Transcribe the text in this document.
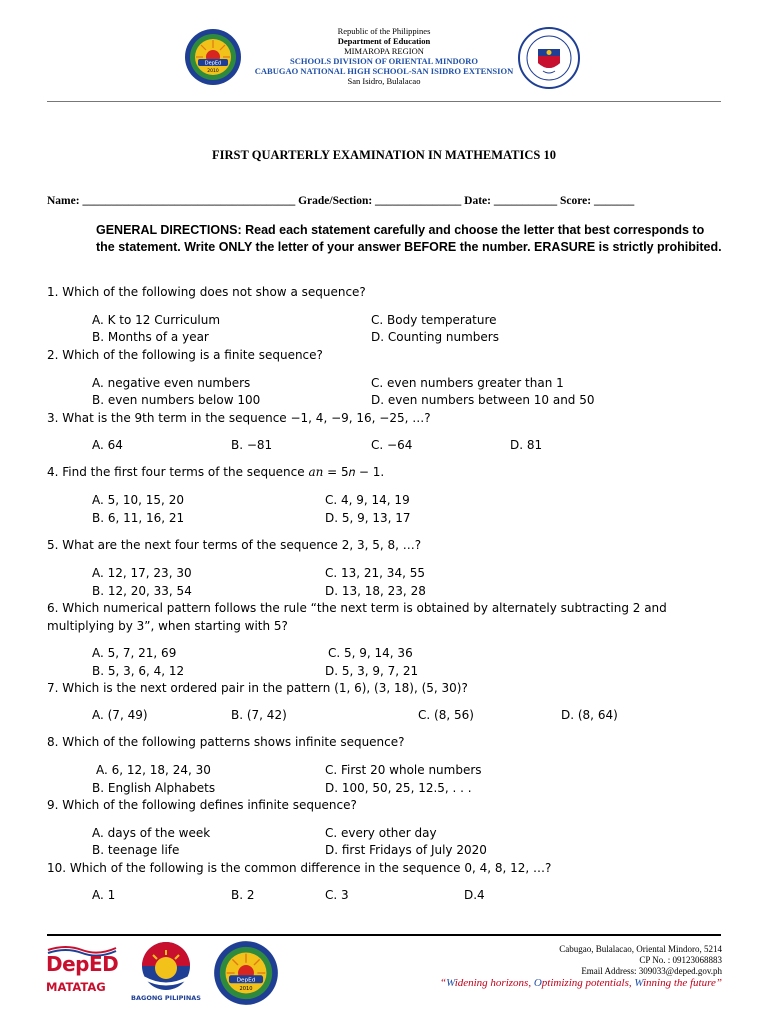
DepEd
2010
Republic of the Philippines
Department of Education
MIMAROPA REGION
SCHOOLS DIVISION OF ORIENTAL MINDORO
CABUGAO NATIONAL HIGH SCHOOL-SAN ISIDRO EXTENSION
San Isidro, Bulalacao
FIRST QUARTERLY EXAMINATION IN MATHEMATICS 10
Name: _____________________________________ Grade/Section: _______________ Date: ___________ Score: _______
GENERAL DIRECTIONS: Read each statement carefully and choose the letter that best corresponds to the statement. Write ONLY the letter of your answer BEFORE the number. ERASURE is strictly prohibited.
1. Which of the following does not show a sequence?
A. K to 12 Curriculum
B. Months of a year
C. Body temperature
D. Counting numbers
2. Which of the following is a finite sequence?
A. negative even numbers
B. even numbers below 100
C. even numbers greater than 1
D. even numbers between 10 and 50
3. What is the 9th term in the sequence −1, 4, −9, 16, −25, …?
A. 64	B. −81	C. −64	D. 81
4. Find the first four terms of the sequence an = 5𝑛 − 1.
A. 5, 10, 15, 20
B. 6, 11, 16, 21
C. 4, 9, 14, 19
D. 5, 9, 13, 17
5. What are the next four terms of the sequence 2, 3, 5, 8, …?
A. 12, 17, 23, 30
B. 12, 20, 33, 54
C. 13, 21, 34, 55
D. 13, 18, 23, 28
6. Which numerical pattern follows the rule “the next term is obtained by alternately subtracting 2 and multiplying by 3”, when starting with 5?
A. 5, 7, 21, 69
B. 5, 3, 6, 4, 12
C. 5, 9, 14, 36
D. 5, 3, 9, 7, 21
7. Which is the next ordered pair in the pattern (1, 6), (3, 18), (5, 30)?
A. (7, 49)	B. (7, 42)	C. (8, 56)	D. (8, 64)
8. Which of the following patterns shows infinite sequence?
A. 6, 12, 18, 24, 30
B. English Alphabets
C. First 20 whole numbers
D. 100, 50, 25, 12.5, . . .
9. Which of the following defines infinite sequence?
A. days of the week
B. teenage life
C. every other day
D. first Fridays of July 2020
10. Which of the following is the common difference in the sequence 0, 4, 8, 12, …?
A. 1	B. 2	C. 3	D.4
DepED
MATATAG
BAGONG PILIPINAS
DepEd
2010
Cabugao, Bulalacao, Oriental Mindoro, 5214
CP No. : 09123068883
Email Address: 309033@deped.gov.ph
“Widening horizons, Optimizing potentials, Winning the future”
